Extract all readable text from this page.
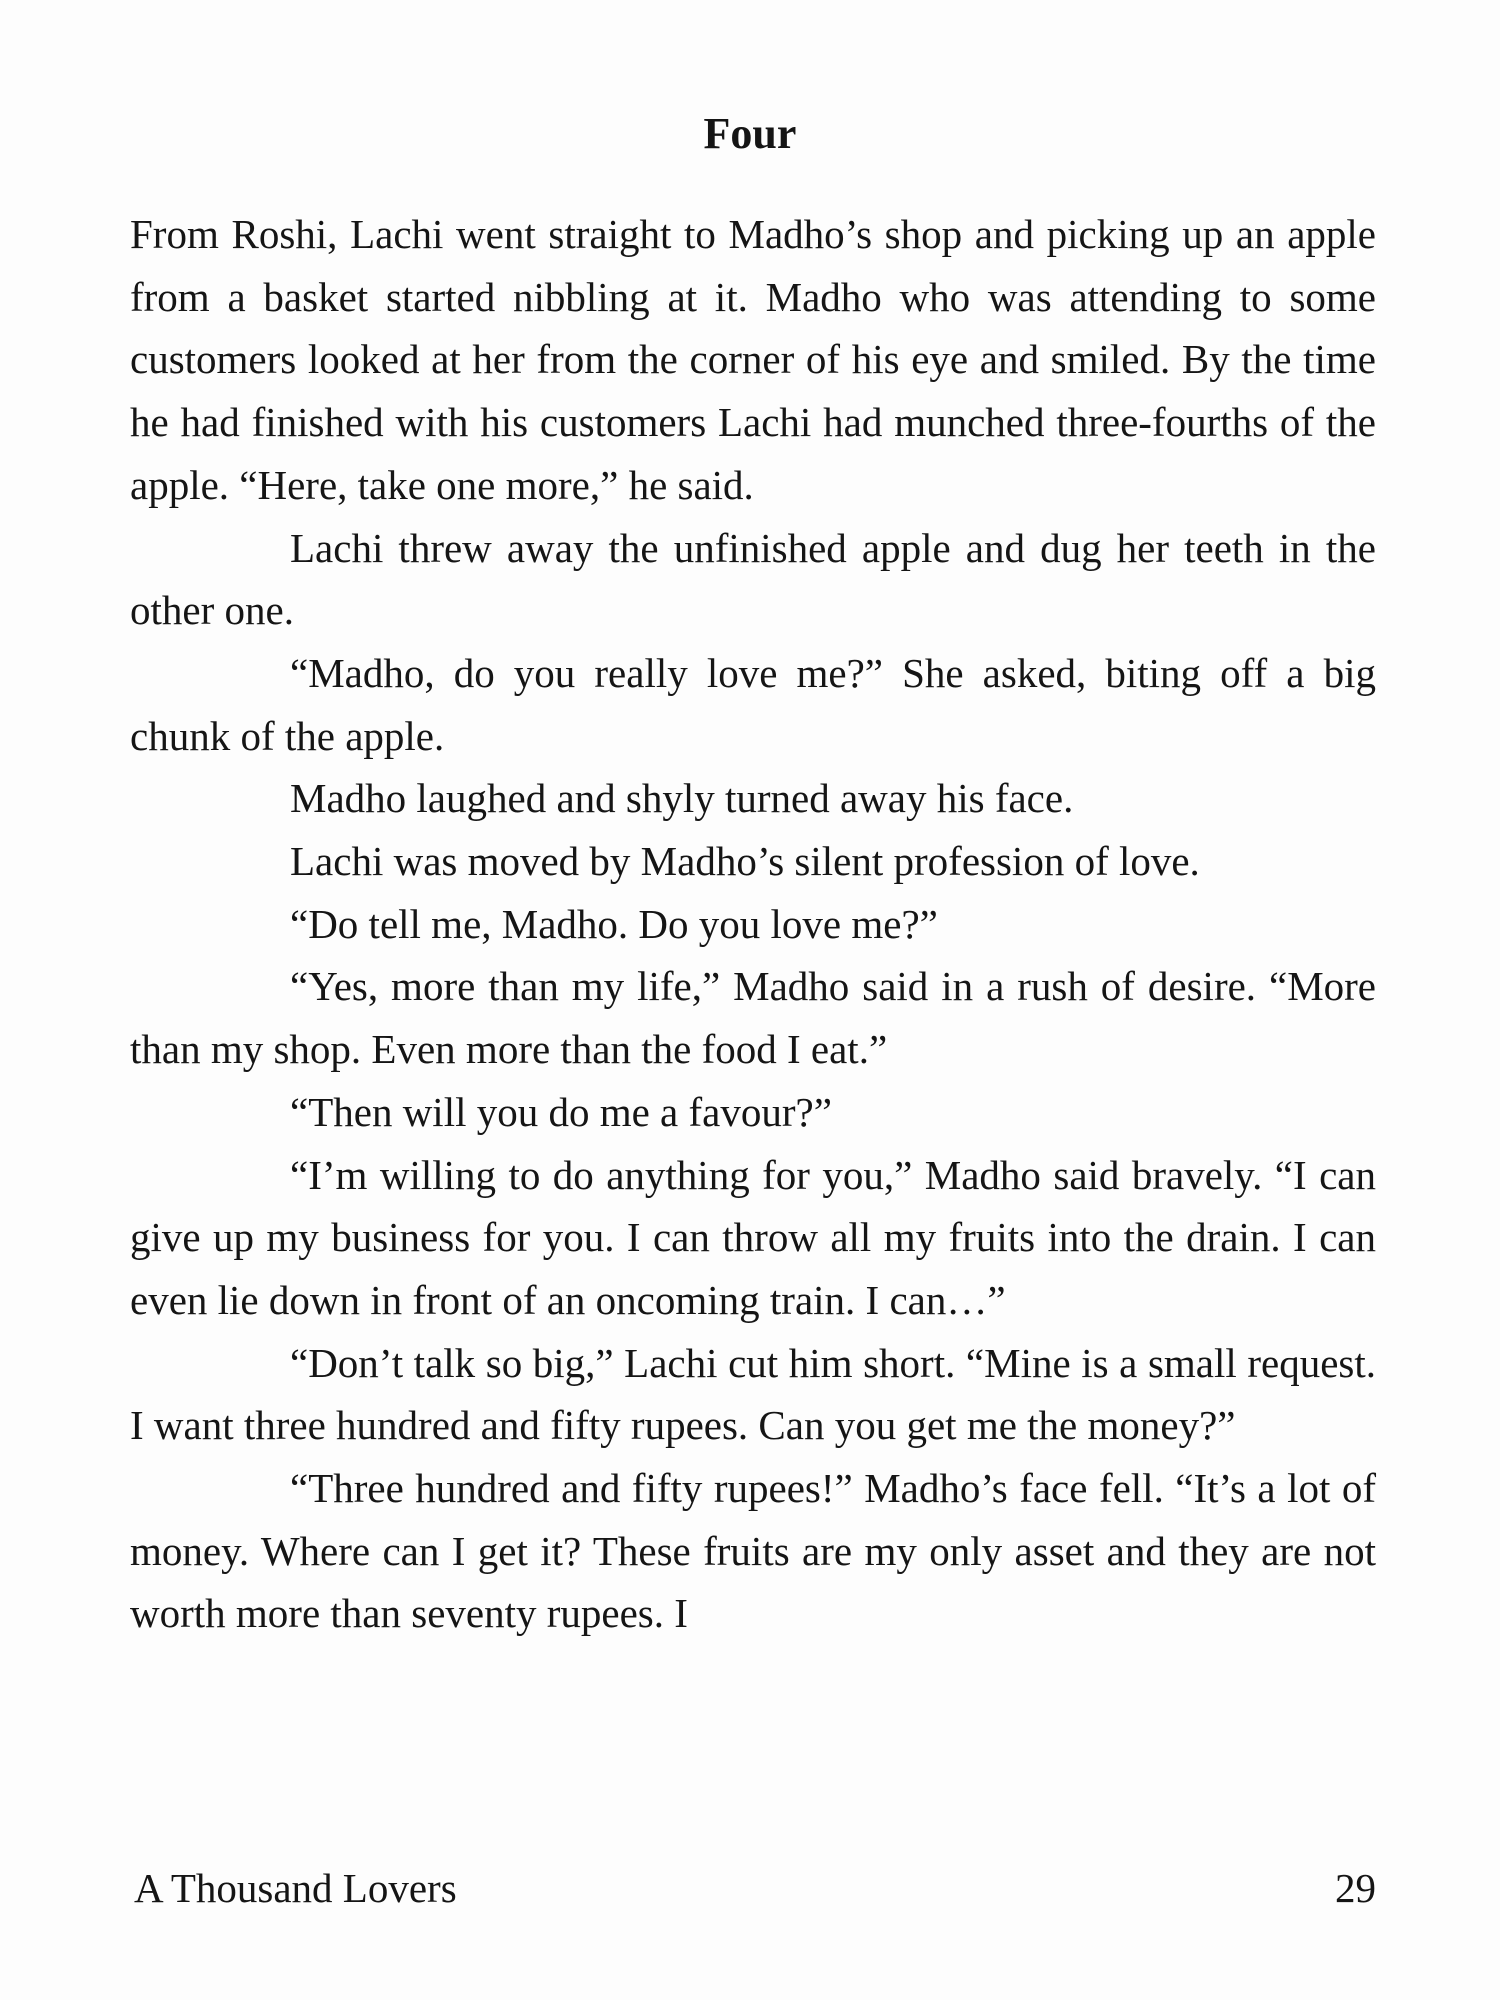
Four

From Roshi, Lachi went straight to Madho’s shop and picking up an apple from a basket started nibbling at it. Madho who was attending to some customers looked at her from the corner of his eye and smiled. By the time he had finished with his customers Lachi had munched three-fourths of the apple. “Here, take one more,” he said.

Lachi threw away the unfinished apple and dug her teeth in the other one.

“Madho, do you really love me?” She asked, biting off a big chunk of the apple.

Madho laughed and shyly turned away his face.

Lachi was moved by Madho’s silent profession of love.

“Do tell me, Madho. Do you love me?”

“Yes, more than my life,” Madho said in a rush of desire. “More than my shop. Even more than the food I eat.”

“Then will you do me a favour?”

“I’m willing to do anything for you,” Madho said bravely. “I can give up my business for you. I can throw all my fruits into the drain. I can even lie down in front of an oncoming train. I can…”

“Don’t talk so big,” Lachi cut him short. “Mine is a small request. I want three hundred and fifty rupees. Can you get me the money?”

“Three hundred and fifty rupees!” Madho’s face fell. “It’s a lot of money. Where can I get it? These fruits are my only asset and they are not worth more than seventy rupees. I

A Thousand Lovers	29
